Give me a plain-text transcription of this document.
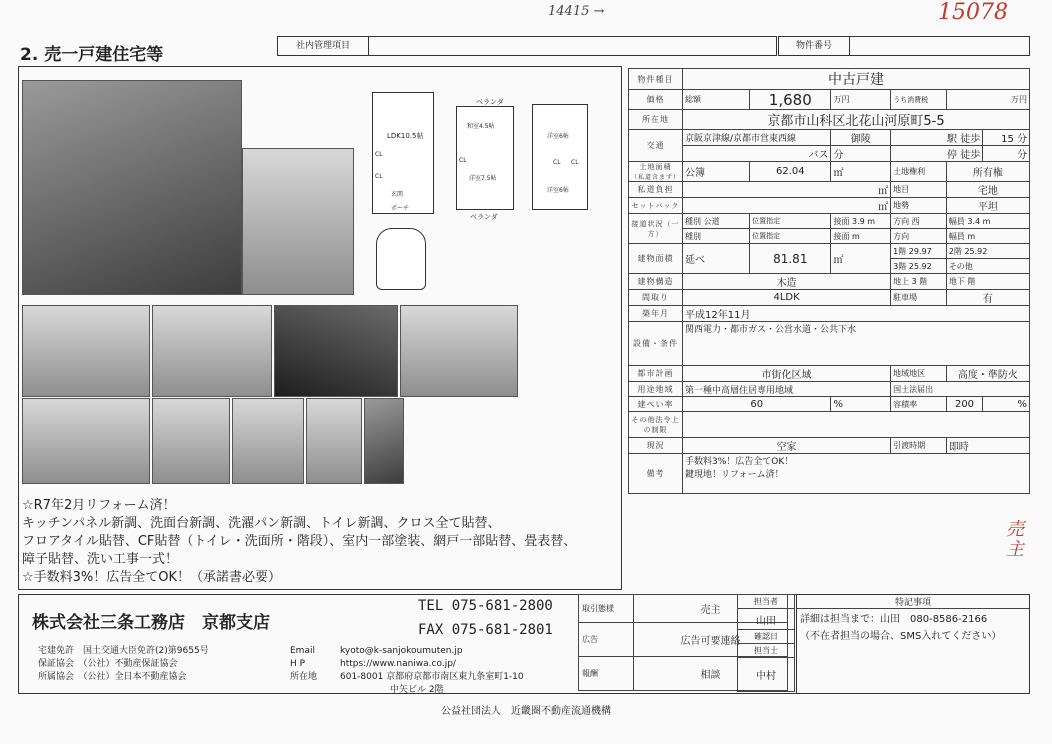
14415 →	15078
2. 売一戸建住宅等	社内管理項目	物件番号
LDK10.5帖
CL
CL
玄関
ポーチ
ベランダ
和室4.5帖
洋室7.5帖
CL
ベランダ
洋室6帖
洋室6帖
CL CL
☆R7年2月リフォーム済！
キッチンパネル新調、洗面台新調、洗濯パン新調、トイレ新調、クロス全て貼替、
フロアタイル貼替、CF貼替（トイレ・洗面所・階段）、室内一部塗装、網戸一部貼替、畳表替、
障子貼替、洗い工事一式！
☆手数料3%！広告全てOK！（承諾書必要）
物件種目	中古戸建					
価格	総額	1,680	万円	うち消費税	万円	
所在地	京都市山科区北花山河原町5-5					
交通	京阪京津線/京都市営東西線		御陵	駅 徒歩		15 分
	バス		分	停 徒歩		分
土地面積
（私道含まず）	公簿	62.04	㎡	土地権利	所有権	
私道負担	㎡			地目	宅地	
セットバック	㎡			地勢	平坦	
接道状況（一方）	種別 公道	位置指定	接面 3.9 m	方向 西	幅員 3.4 m	
	種別	位置指定	接面 m	方向	幅員 m	
建物面積	延べ	81.81	㎡	1階 29.97	2階 25.92	
				3階 25.92	その他	
建物構造	木造			地上 3 階	地下 階	
間取り	4LDK			駐車場	有	
築年月	平成12年11月					
設備・条件	関西電力・都市ガス・公営水道・公共下水					
都市計画	市街化区域			地域地区	高度・準防火	
用途地域	第一種中高層住居専用地域			国土法届出		
建ぺい率	60		%	容積率	200	%
その他法令上の制限						
現況	空家			引渡時期	即時	
備考	手数料3%！広告全てOK！
鍵現地！リフォーム済！					
売
主
株式会社三条工務店　京都支店
TEL 075-681-2800
FAX 075-681-2801
宅建免許　 国土交通大臣免許(2)第9655号
保証協会　 （公社）不動産保証協会
所属協会　 （公社）全日本不動産協会
Email	kyoto@k-sanjokoumuten.jp
H P	https://www.naniwa.co.jp/
所在地	601-8001 京都府京都市南区東九条室町1-10
中矢ビル 2階
取引態様	売主
広告	広告可要連絡
報酬	相談
担当者
山田
確認日
担当士
中村
特記事項
詳細は担当まで：山田　080-8586-2166
（不在者担当の場合、SMS入れてください）
公益社団法人　近畿圏不動産流通機構
